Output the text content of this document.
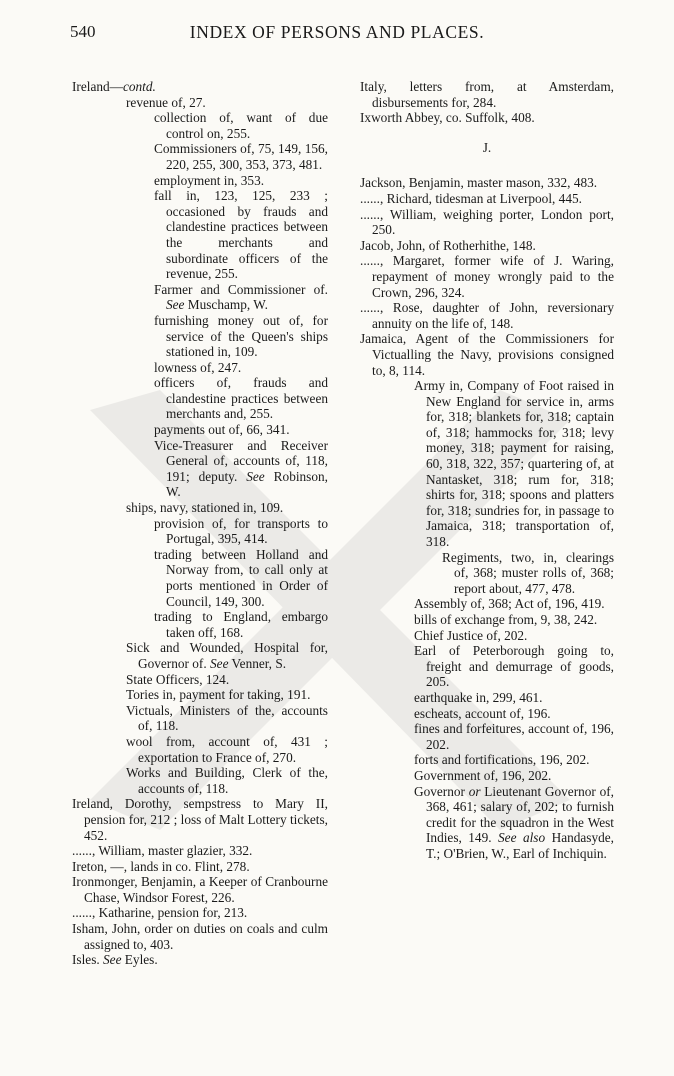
540	INDEX OF PERSONS AND PLACES.

Ireland—contd.

revenue of, 27.

collection of, want of due control on, 255.

Commissioners of, 75, 149, 156, 220, 255, 300, 353, 373, 481.

employment in, 353.

fall in, 123, 125, 233 ; occasioned by frauds and clandestine practices between the merchants and subordinate officers of the revenue, 255.

Farmer and Commissioner of. See Muschamp, W.

furnishing money out of, for service of the Queen's ships stationed in, 109.

lowness of, 247.

officers of, frauds and clandestine practices between merchants and, 255.

payments out of, 66, 341.

Vice-Treasurer and Receiver General of, accounts of, 118, 191; deputy. See Robinson, W.

ships, navy, stationed in, 109.

provision of, for transports to Portugal, 395, 414.

trading between Holland and Norway from, to call only at ports mentioned in Order of Council, 149, 300.

trading to England, embargo taken off, 168.

Sick and Wounded, Hospital for, Governor of. See Venner, S.

State Officers, 124.

Tories in, payment for taking, 191.

Victuals, Ministers of the, accounts of, 118.

wool from, account of, 431 ; exportation to France of, 270.

Works and Building, Clerk of the, accounts of, 118.

Ireland, Dorothy, sempstress to Mary II, pension for, 212 ; loss of Malt Lottery tickets, 452.

......, William, master glazier, 332.

Ireton, —, lands in co. Flint, 278.

Ironmonger, Benjamin, a Keeper of Cranbourne Chase, Windsor Forest, 226.

......, Katharine, pension for, 213.

Isham, John, order on duties on coals and culm assigned to, 403.

Isles. See Eyles.

Italy, letters from, at Amsterdam, disbursements for, 284.

Ixworth Abbey, co. Suffolk, 408.

J.

Jackson, Benjamin, master mason, 332, 483.

......, Richard, tidesman at Liverpool, 445.

......, William, weighing porter, London port, 250.

Jacob, John, of Rotherhithe, 148.

......, Margaret, former wife of J. Waring, repayment of money wrongly paid to the Crown, 296, 324.

......, Rose, daughter of John, reversionary annuity on the life of, 148.

Jamaica, Agent of the Commissioners for Victualling the Navy, provisions consigned to, 8, 114.

Army in, Company of Foot raised in New England for service in, arms for, 318; blankets for, 318; captain of, 318; hammocks for, 318; levy money, 318; payment for raising, 60, 318, 322, 357; quartering of, at Nantasket, 318; rum for, 318; shirts for, 318; spoons and platters for, 318; sundries for, in passage to Jamaica, 318; transportation of, 318.

Regiments, two, in, clearings of, 368; muster rolls of, 368; report about, 477, 478.

Assembly of, 368; Act of, 196, 419.

bills of exchange from, 9, 38, 242.

Chief Justice of, 202.

Earl of Peterborough going to, freight and demurrage of goods, 205.

earthquake in, 299, 461.

escheats, account of, 196.

fines and forfeitures, account of, 196, 202.

forts and fortifications, 196, 202.

Government of, 196, 202.

Governor or Lieutenant Governor of, 368, 461; salary of, 202; to furnish credit for the squadron in the West Indies, 149. See also Handasyde, T.; O'Brien, W., Earl of Inchiquin.
